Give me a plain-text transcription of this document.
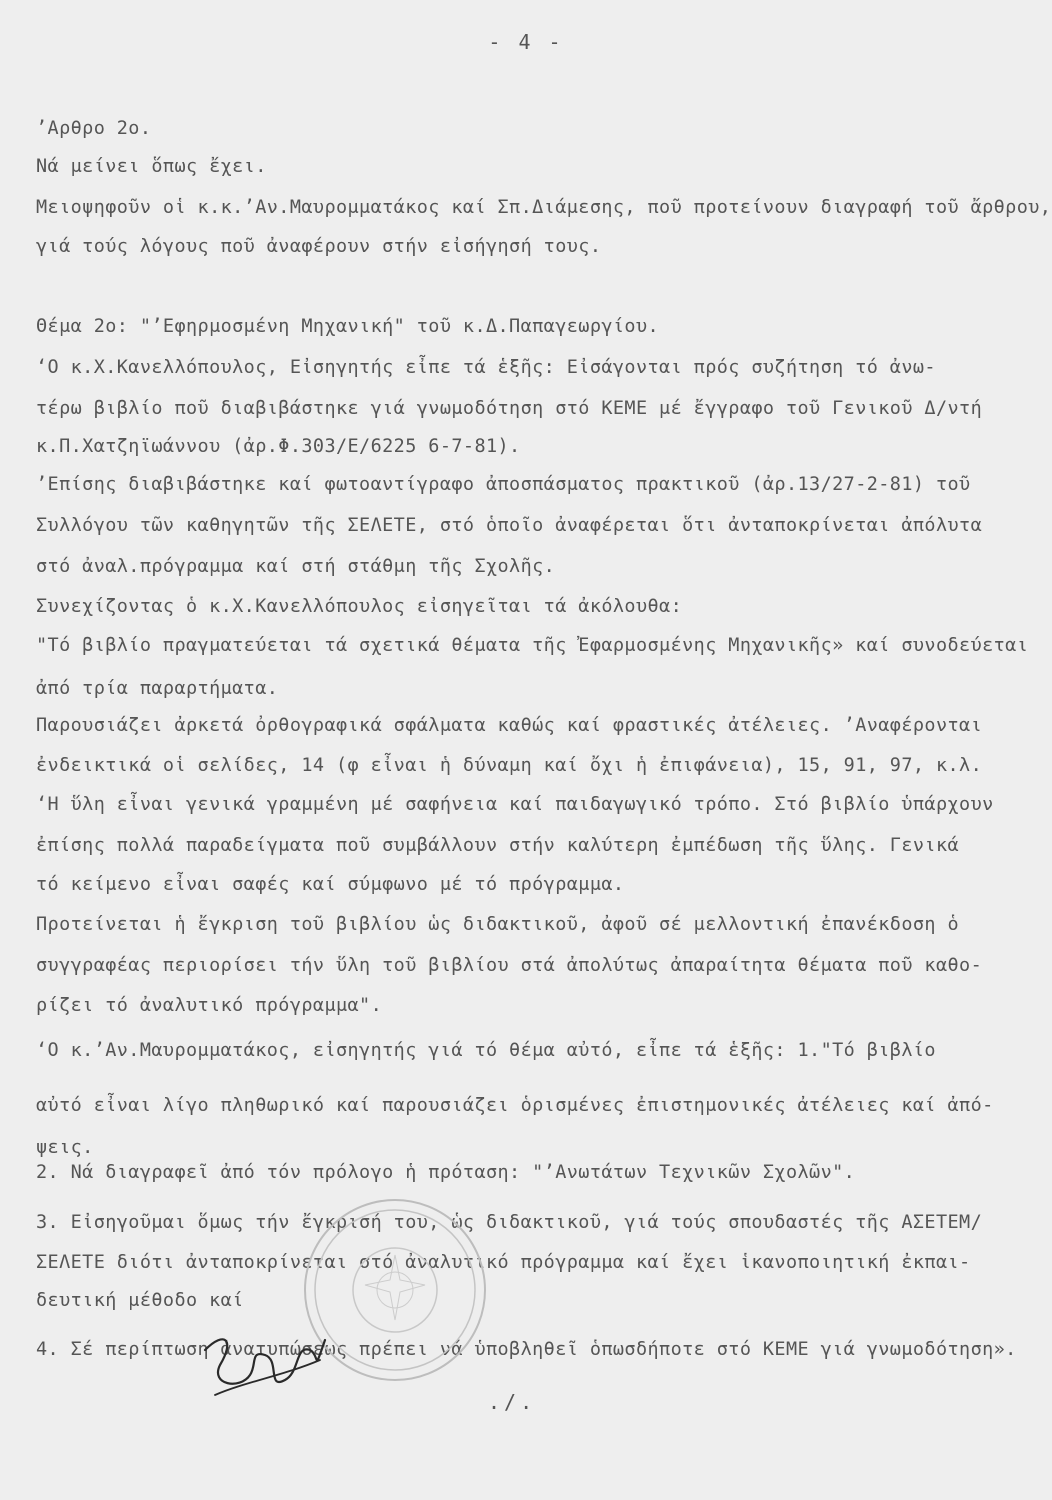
- 4 -
’Αρθρο 2ο.
Νά μείνει ὅπως ἔχει.
Μειοψηφοῦν οἱ κ.κ.’Αν.Μαυρομματάκος καί Σπ.Διάμεσης, ποῦ προτείνουν διαγραφή τοῦ ἄρθρου,
γιά τούς λόγους ποῦ ἀναφέρουν στήν εἰσήγησή τους.
Θέμα 2ο: "’Εφηρμοσμένη Μηχανική" τοῦ κ.Δ.Παπαγεωργίου.
‘Ο κ.Χ.Κανελλόπουλος, Εἰσηγητής εἶπε τά ἑξῆς: Εἰσάγονται πρός συζήτηση τό ἀνω-
τέρω βιβλίο ποῦ διαβιβάστηκε γιά γνωμοδότηση στό ΚΕΜΕ μέ ἔγγραφο τοῦ Γενικοῦ Δ/ντή
κ.Π.Χατζηϊωάννου (ἀρ.Φ.303/Ε/6225 6-7-81).
’Επίσης διαβιβάστηκε καί φωτοαντίγραφο ἀποσπάσματος πρακτικοῦ (ἀρ.13/27-2-81) τοῦ
Συλλόγου τῶν καθηγητῶν τῆς ΣΕΛΕΤΕ, στό ὁποῖο ἀναφέρεται ὅτι ἀνταποκρίνεται ἀπόλυτα
στό ἀναλ.πρόγραμμα καί στή στάθμη τῆς Σχολῆς.
Συνεχίζοντας ὁ κ.Χ.Κανελλόπουλος εἰσηγεῖται τά ἀκόλουθα:
"Τό βιβλίο πραγματεύεται τά σχετικά θέματα τῆς Ἐφαρμοσμένης Μηχανικῆς» καί συνοδεύεται
ἀπό τρία παραρτήματα.
Παρουσιάζει ἀρκετά ὀρθογραφικά σφάλματα καθώς καί φραστικές ἀτέλειες. ’Αναφέρονται
ἐνδεικτικά οἱ σελίδες, 14 (φ εἶναι ἡ δύναμη καί ὄχι ἡ ἐπιφάνεια), 15, 91, 97, κ.λ.
‘Η ὕλη εἶναι γενικά γραμμένη μέ σαφήνεια καί παιδαγωγικό τρόπο. Στό βιβλίο ὑπάρχουν
ἐπίσης πολλά παραδείγματα ποῦ συμβάλλουν στήν καλύτερη ἐμπέδωση τῆς ὕλης. Γενικά
τό κείμενο εἶναι σαφές καί σύμφωνο μέ τό πρόγραμμα.
Προτείνεται ἡ ἔγκριση τοῦ βιβλίου ὡς διδακτικοῦ, ἀφοῦ σέ μελλοντική ἐπανέκδοση ὁ
συγγραφέας περιορίσει τήν ὕλη τοῦ βιβλίου στά ἀπολύτως ἀπαραίτητα θέματα ποῦ καθο-
ρίζει τό ἀναλυτικό πρόγραμμα".
‘Ο κ.’Αν.Μαυρομματάκος, εἰσηγητής γιά τό θέμα αὐτό, εἶπε τά ἑξῆς: 1."Τό βιβλίο
αὐτό εἶναι λίγο πληθωρικό καί παρουσιάζει ὁρισμένες ἐπιστημονικές ἀτέλειες καί ἀπό-
ψεις.
2. Νά διαγραφεῖ ἀπό τόν πρόλογο ἡ πρόταση: "’Ανωτάτων Τεχνικῶν Σχολῶν".
3. Εἰσηγοῦμαι ὅμως τήν ἔγκρισή του, ὡς διδακτικοῦ, γιά τούς σπουδαστές τῆς ΑΣΕΤΕΜ/
ΣΕΛΕΤΕ διότι ἀνταποκρίνεται στό ἀναλυτικό πρόγραμμα καί ἔχει ἱκανοποιητική ἐκπαι-
δευτική μέθοδο καί
4. Σέ περίπτωση ἀνατυπώσεως πρέπει νά ὑποβληθεῖ ὁπωσδήποτε στό ΚΕΜΕ γιά γνωμοδότηση».
./.
